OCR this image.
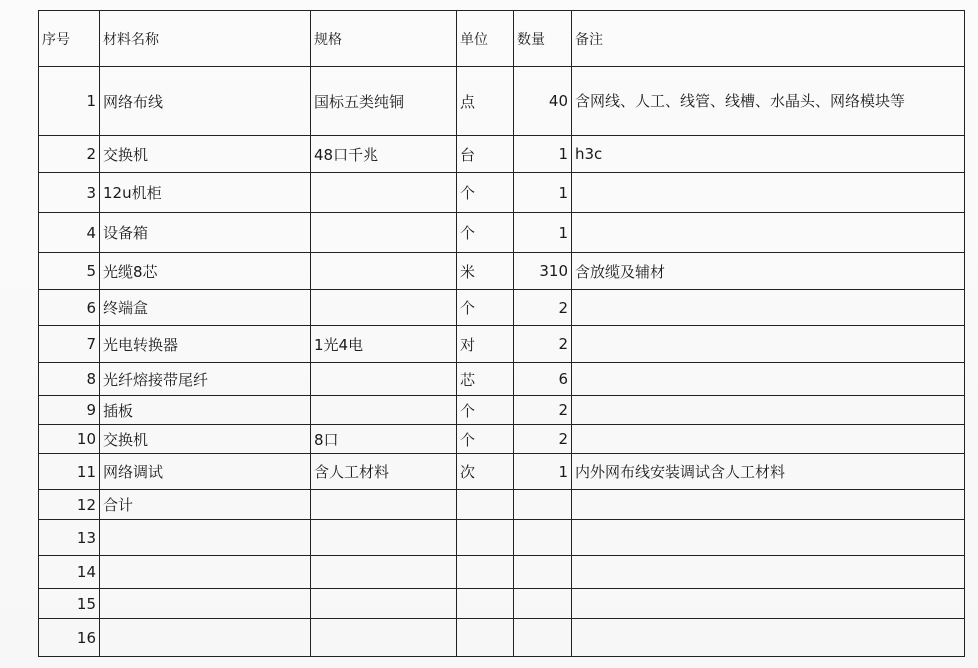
序号	材料名称	规格	单位	数量	备注
1	网络布线	国标五类纯铜	点	40	含网线、人工、线管、线槽、水晶头、网络模块等
2	交换机	48口千兆	台	1	h3c
3	12u机柜		个	1	
4	设备箱		个	1	
5	光缆8芯		米	310	含放缆及辅材
6	终端盒		个	2	
7	光电转换器	1光4电	对	2	
8	光纤熔接带尾纤		芯	6	
9	插板		个	2	
10	交换机	8口	个	2	
11	网络调试	含人工材料	次	1	内外网布线安装调试含人工材料
12	合计				
13					
14					
15					
16					
